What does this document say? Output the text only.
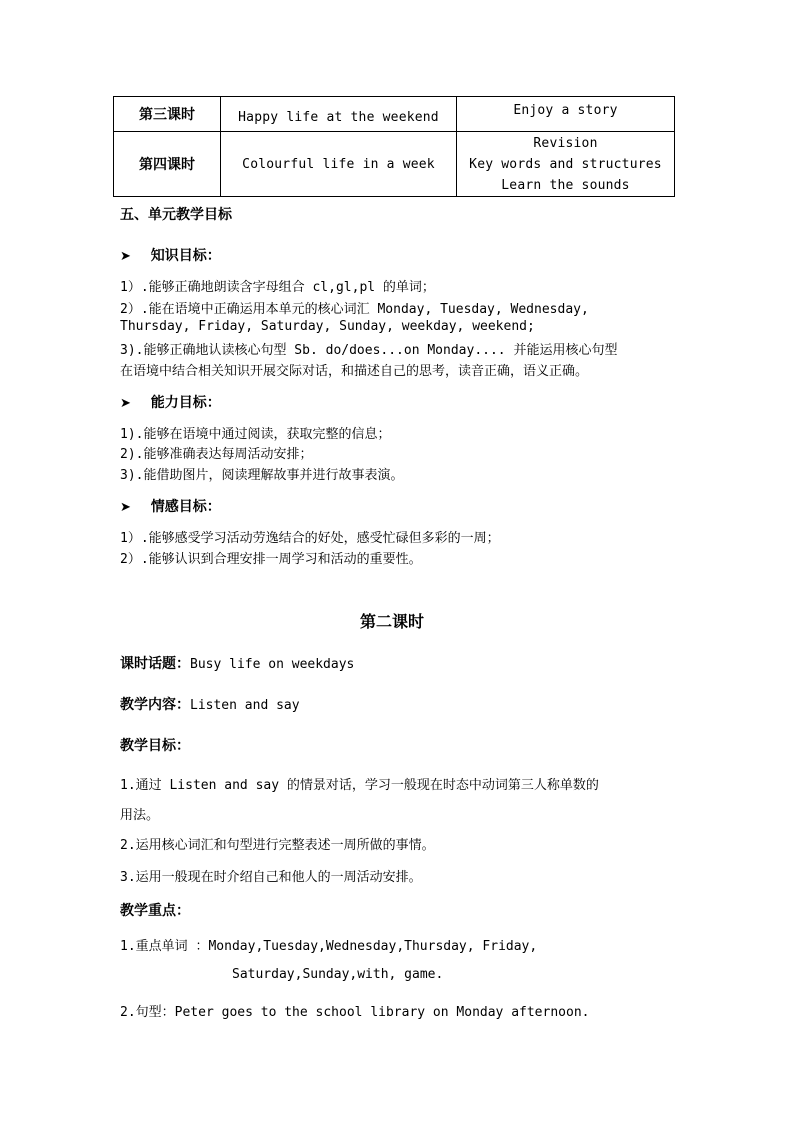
第三课时	Happy life at the weekend	Enjoy a story

第四课时	Colourful life in a week	Revision
Key words and structures
Learn the sounds
五、单元教学目标
➤ 知识目标：
1）.能够正确地朗读含字母组合 cl,gl,pl 的单词；
2）.能在语境中正确运用本单元的核心词汇 Monday, Tuesday, Wednesday,
Thursday, Friday, Saturday, Sunday, weekday, weekend;
3).能够正确地认读核心句型 Sb. do/does...on Monday.... 并能运用核心句型
在语境中结合相关知识开展交际对话，和描述自己的思考，读音正确，语义正确。
➤ 能力目标：
1).能够在语境中通过阅读，获取完整的信息；
2).能够准确表达每周活动安排；
3).能借助图片，阅读理解故事并进行故事表演。
➤ 情感目标：
1）.能够感受学习活动劳逸结合的好处，感受忙碌但多彩的一周；
2）.能够认识到合理安排一周学习和活动的重要性。
第二课时
课时话题：Busy life on weekdays
教学内容：Listen and say
教学目标：
1.通过 Listen and say 的情景对话，学习一般现在时态中动词第三人称单数的
用法。
2.运用核心词汇和句型进行完整表述一周所做的事情。
3.运用一般现在时介绍自己和他人的一周活动安排。
教学重点：
1.重点单词 ：Monday,Tuesday,Wednesday,Thursday, Friday,
Saturday,Sunday,with, game.
2.句型：Peter goes to the school library on Monday afternoon.
